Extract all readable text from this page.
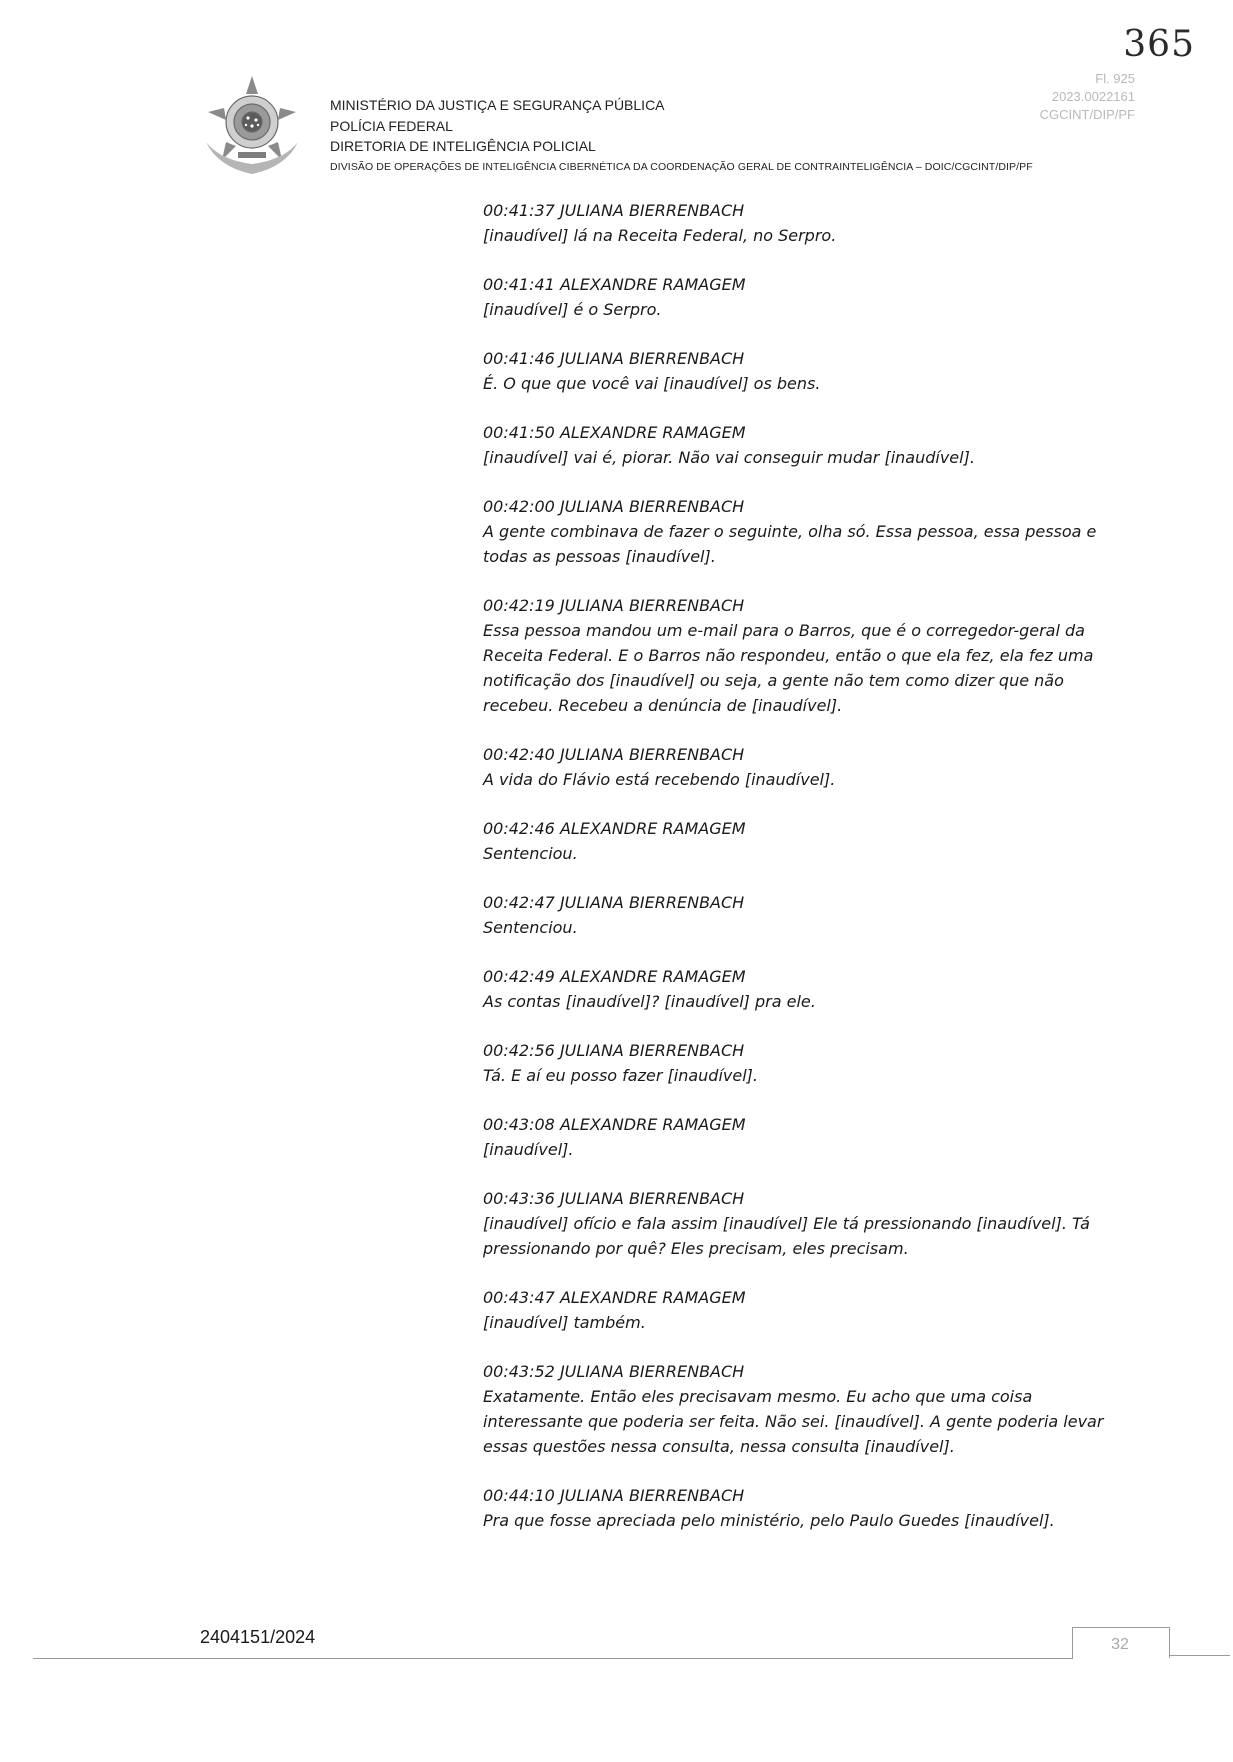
365
Fl. 925
2023.0022161
CGCINT/DIP/PF
MINISTÉRIO DA JUSTIÇA E SEGURANÇA PÚBLICA
POLÍCIA FEDERAL
DIRETORIA DE INTELIGÊNCIA POLICIAL
DIVISÃO DE OPERAÇÕES DE INTELIGÊNCIA CIBERNÉTICA DA COORDENAÇÃO GERAL DE CONTRAINTELIGÊNCIA – DOIC/CGCINT/DIP/PF
00:41:37 JULIANA BIERRENBACH
[inaudível] lá na Receita Federal, no Serpro.
00:41:41 ALEXANDRE RAMAGEM
[inaudível] é o Serpro.
00:41:46 JULIANA BIERRENBACH
É. O que que você vai [inaudível] os bens.
00:41:50 ALEXANDRE RAMAGEM
[inaudível] vai é, piorar. Não vai conseguir mudar [inaudível].
00:42:00 JULIANA BIERRENBACH
A gente combinava de fazer o seguinte, olha só. Essa pessoa, essa pessoa e todas as pessoas [inaudível].
00:42:19 JULIANA BIERRENBACH
Essa pessoa mandou um e-mail para o Barros, que é o corregedor-geral da Receita Federal. E o Barros não respondeu, então o que ela fez, ela fez uma notificação dos [inaudível] ou seja, a gente não tem como dizer que não recebeu. Recebeu a denúncia de [inaudível].
00:42:40 JULIANA BIERRENBACH
A vida do Flávio está recebendo [inaudível].
00:42:46 ALEXANDRE RAMAGEM
Sentenciou.
00:42:47 JULIANA BIERRENBACH
Sentenciou.
00:42:49 ALEXANDRE RAMAGEM
As contas [inaudível]? [inaudível] pra ele.
00:42:56 JULIANA BIERRENBACH
Tá. E aí eu posso fazer [inaudível].
00:43:08 ALEXANDRE RAMAGEM
[inaudível].
00:43:36 JULIANA BIERRENBACH
[inaudível] ofício e fala assim [inaudível] Ele tá pressionando [inaudível]. Tá pressionando por quê? Eles precisam, eles precisam.
00:43:47 ALEXANDRE RAMAGEM
[inaudível] também.
00:43:52 JULIANA BIERRENBACH
Exatamente. Então eles precisavam mesmo. Eu acho que uma coisa interessante que poderia ser feita. Não sei. [inaudível]. A gente poderia levar essas questões nessa consulta, nessa consulta [inaudível].
00:44:10 JULIANA BIERRENBACH
Pra que fosse apreciada pelo ministério, pelo Paulo Guedes [inaudível].
2404151/2024	32
